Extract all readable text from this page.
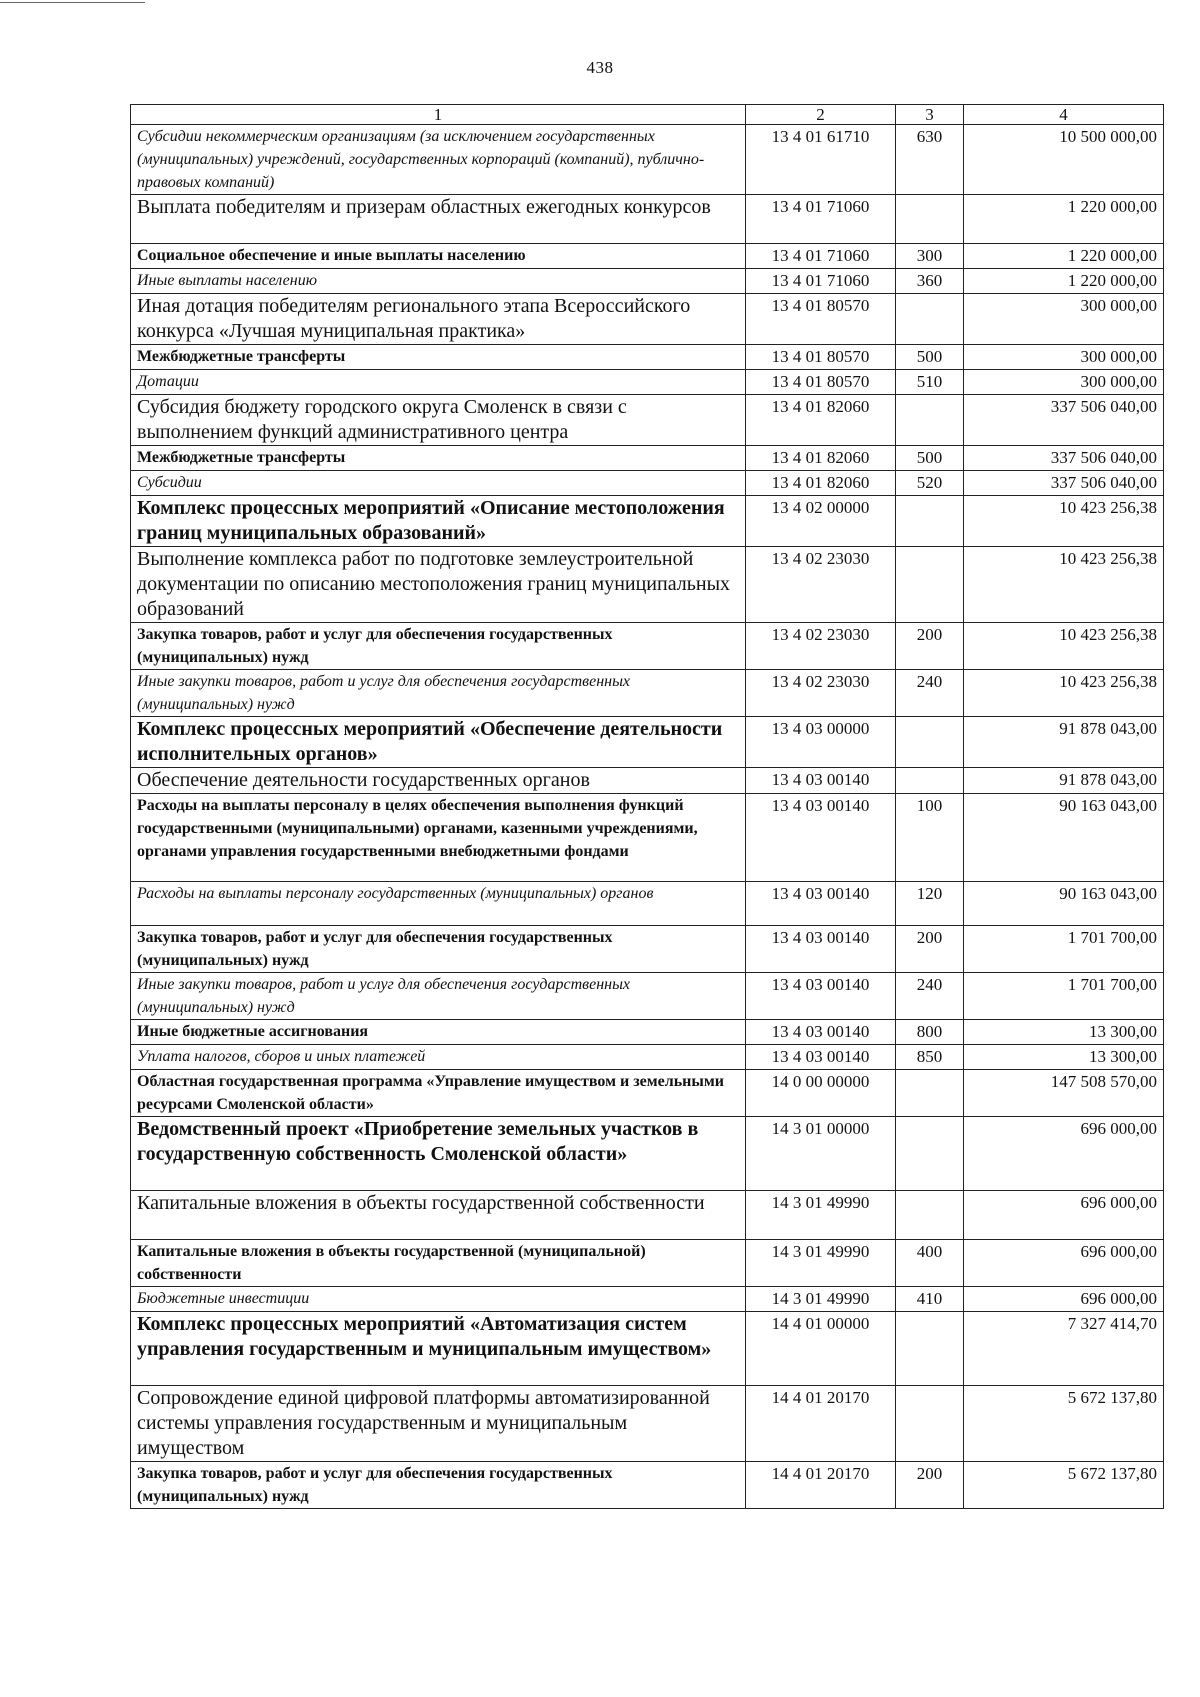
438
1	2	3	4
Субсидии некоммерческим организациям (за исключением государственных (муниципальных) учреждений, государственных корпораций (компаний), публично-правовых компаний)	13 4 01 61710	630	10 500 000,00
Выплата победителям и призерам областных ежегодных конкурсов	13 4 01 71060		1 220 000,00
Социальное обеспечение и иные выплаты населению	13 4 01 71060	300	1 220 000,00
Иные выплаты населению	13 4 01 71060	360	1 220 000,00
Иная дотация победителям регионального этапа Всероссийского конкурса «Лучшая муниципальная практика»	13 4 01 80570		300 000,00
Межбюджетные трансферты	13 4 01 80570	500	300 000,00
Дотации	13 4 01 80570	510	300 000,00
Субсидия бюджету городского округа Смоленск в связи с выполнением функций административного центра	13 4 01 82060		337 506 040,00
Межбюджетные трансферты	13 4 01 82060	500	337 506 040,00
Субсидии	13 4 01 82060	520	337 506 040,00
Комплекс процессных мероприятий «Описание местоположения границ муниципальных образований»	13 4 02 00000		10 423 256,38
Выполнение комплекса работ по подготовке землеустроительной документации по описанию местоположения границ муниципальных образований	13 4 02 23030		10 423 256,38
Закупка товаров, работ и услуг для обеспечения государственных (муниципальных) нужд	13 4 02 23030	200	10 423 256,38
Иные закупки товаров, работ и услуг для обеспечения государственных (муниципальных) нужд	13 4 02 23030	240	10 423 256,38
Комплекс процессных мероприятий «Обеспечение деятельности исполнительных органов»	13 4 03 00000		91 878 043,00
Обеспечение деятельности государственных органов	13 4 03 00140		91 878 043,00
Расходы на выплаты персоналу в целях обеспечения выполнения функций государственными (муниципальными) органами, казенными учреждениями, органами управления государственными внебюджетными фондами	13 4 03 00140	100	90 163 043,00
Расходы на выплаты персоналу государственных (муниципальных) органов	13 4 03 00140	120	90 163 043,00
Закупка товаров, работ и услуг для обеспечения государственных (муниципальных) нужд	13 4 03 00140	200	1 701 700,00
Иные закупки товаров, работ и услуг для обеспечения государственных (муниципальных) нужд	13 4 03 00140	240	1 701 700,00
Иные бюджетные ассигнования	13 4 03 00140	800	13 300,00
Уплата налогов, сборов и иных платежей	13 4 03 00140	850	13 300,00
Областная государственная программа «Управление имуществом и земельными ресурсами Смоленской области»	14 0 00 00000		147 508 570,00
Ведомственный проект «Приобретение земельных участков в государственную собственность Смоленской области»	14 3 01 00000		696 000,00
Капитальные вложения в объекты государственной собственности	14 3 01 49990		696 000,00
Капитальные вложения в объекты государственной (муниципальной) собственности	14 3 01 49990	400	696 000,00
Бюджетные инвестиции	14 3 01 49990	410	696 000,00
Комплекс процессных мероприятий «Автоматизация систем управления государственным и муниципальным имуществом»	14 4 01 00000		7 327 414,70
Сопровождение единой цифровой платформы автоматизированной системы управления государственным и муниципальным имуществом	14 4 01 20170		5 672 137,80
Закупка товаров, работ и услуг для обеспечения государственных (муниципальных) нужд	14 4 01 20170	200	5 672 137,80
